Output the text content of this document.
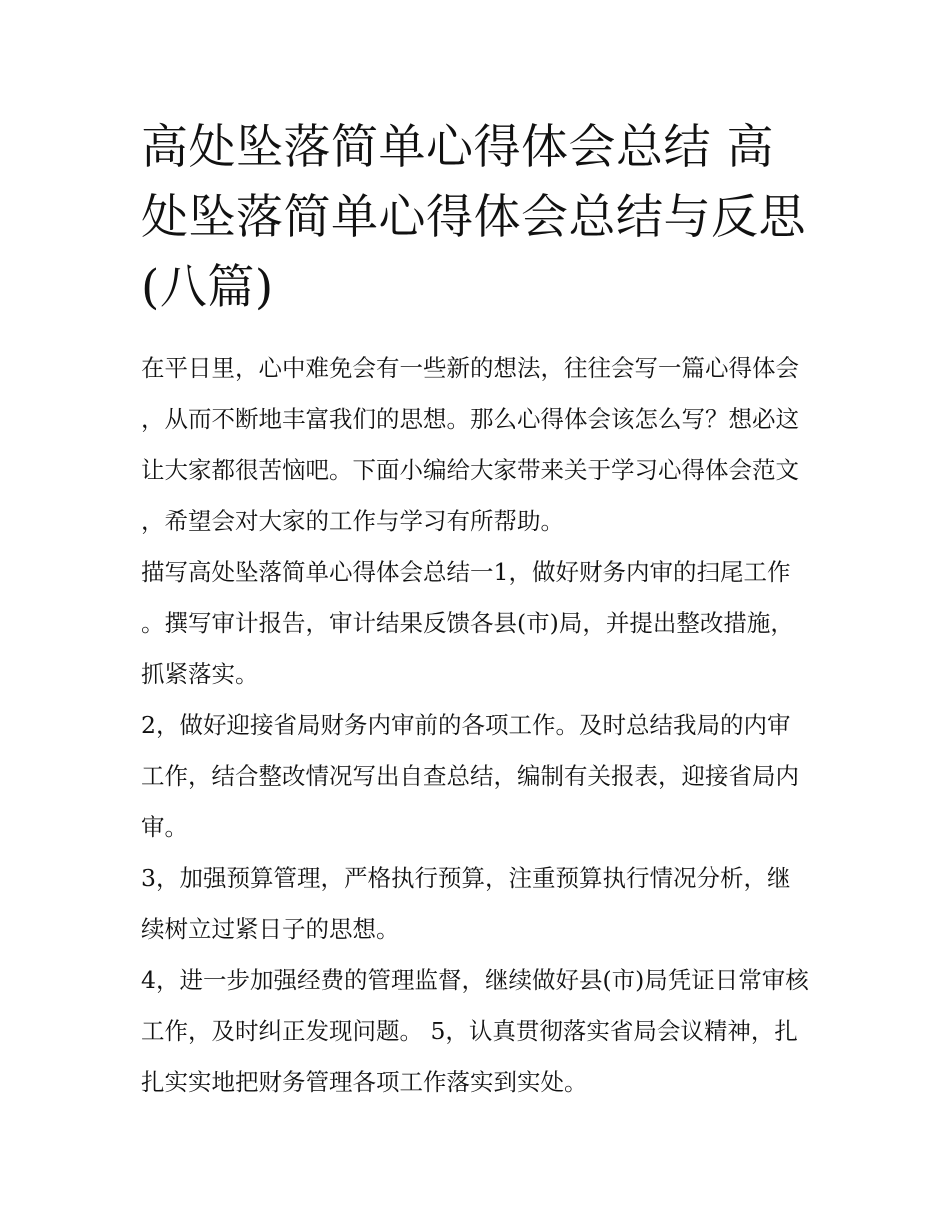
高处坠落简单心得体会总结 高处坠落简单心得体会总结与反思(八篇)

在平日里，心中难免会有一些新的想法，往往会写一篇心得体会，从而不断地丰富我们的思想。那么心得体会该怎么写？想必这让大家都很苦恼吧。下面小编给大家带来关于学习心得体会范文，希望会对大家的工作与学习有所帮助。

描写高处坠落简单心得体会总结一1，做好财务内审的扫尾工作。撰写审计报告，审计结果反馈各县(市)局，并提出整改措施，抓紧落实。

2，做好迎接省局财务内审前的各项工作。及时总结我局的内审工作，结合整改情况写出自查总结，编制有关报表，迎接省局内审。

3，加强预算管理，严格执行预算，注重预算执行情况分析，继续树立过紧日子的思想。

4，进一步加强经费的管理监督，继续做好县(市)局凭证日常审核工作，及时纠正发现问题。 5，认真贯彻落实省局会议精神，扎扎实实地把财务管理各项工作落实到实处。
